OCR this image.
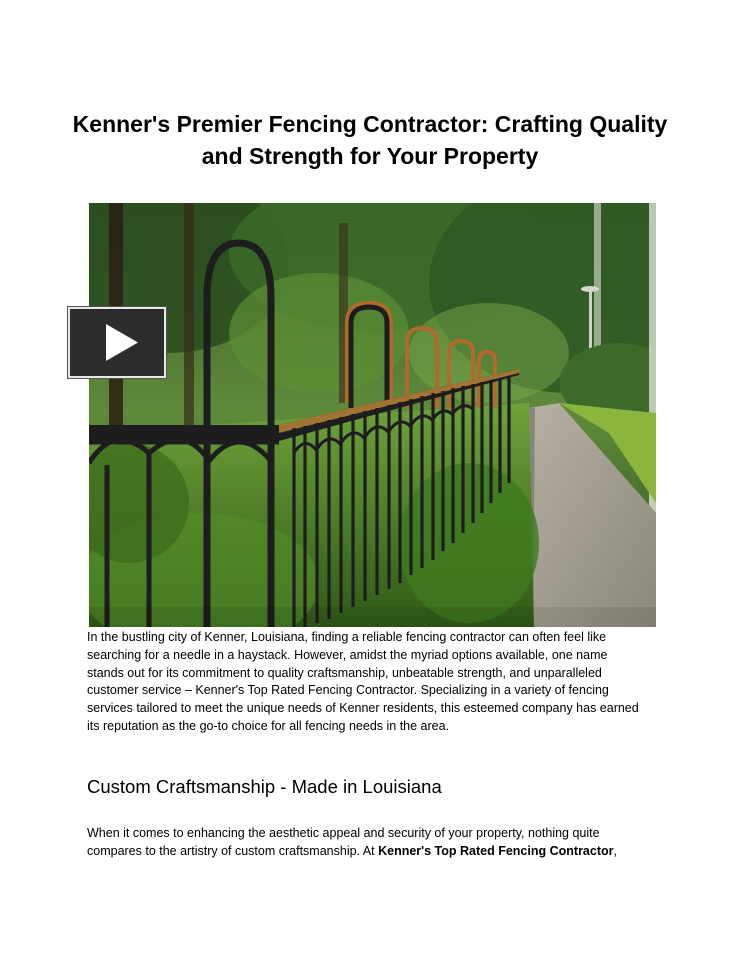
Kenner's Premier Fencing Contractor: Crafting Quality and Strength for Your Property

In the bustling city of Kenner, Louisiana, finding a reliable fencing contractor can often feel like searching for a needle in a haystack. However, amidst the myriad options available, one name stands out for its commitment to quality craftsmanship, unbeatable strength, and unparalleled customer service – Kenner's Top Rated Fencing Contractor. Specializing in a variety of fencing services tailored to meet the unique needs of Kenner residents, this esteemed company has earned its reputation as the go-to choice for all fencing needs in the area.

Custom Craftsmanship - Made in Louisiana

When it comes to enhancing the aesthetic appeal and security of your property, nothing quite compares to the artistry of custom craftsmanship. At Kenner's Top Rated Fencing Contractor,
